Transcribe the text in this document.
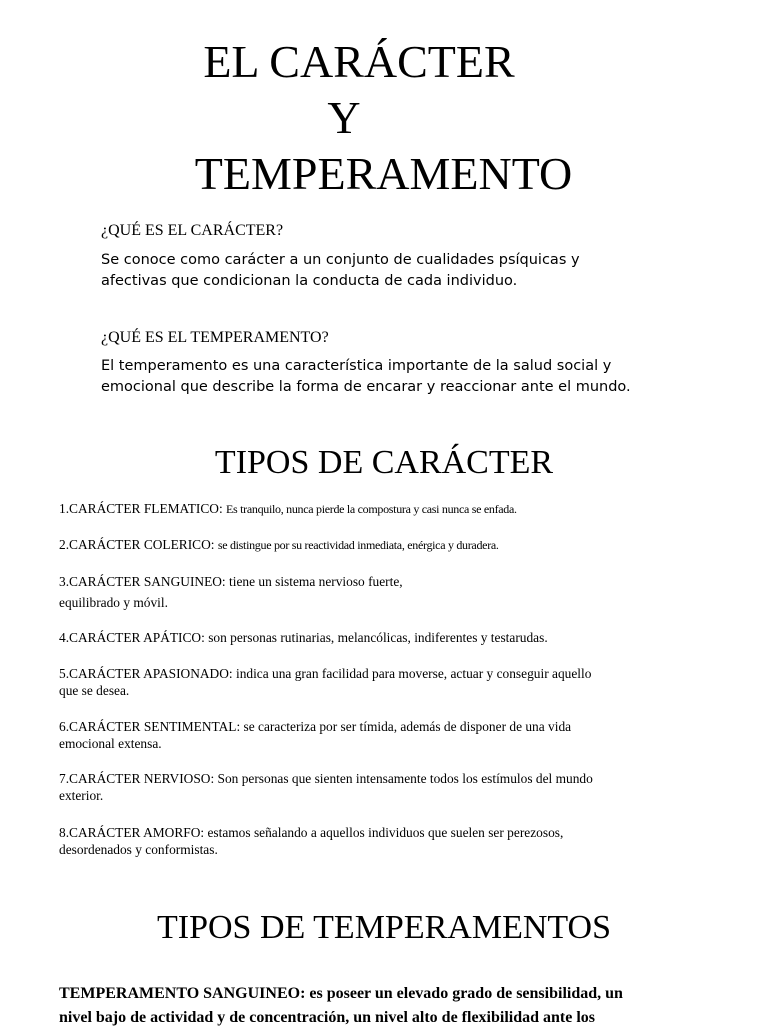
EL CARÁCTER
Y
TEMPERAMENTO
¿QUÉ ES EL CARÁCTER?
Se conoce como carácter a un conjunto de cualidades psíquicas y
afectivas que condicionan la conducta de cada individuo.
¿QUÉ ES EL TEMPERAMENTO?
El temperamento es una característica importante de la salud social y
emocional que describe la forma de encarar y reaccionar ante el mundo.
TIPOS DE CARÁCTER
1.CARÁCTER FLEMATICO: Es tranquilo, nunca pierde la compostura y casi nunca se enfada.
2.CARÁCTER COLERICO: se distingue por su reactividad inmediata, enérgica y duradera.
3.CARÁCTER SANGUINEO: tiene un sistema nervioso fuerte,
equilibrado y móvil.
4.CARÁCTER APÁTICO: son personas rutinarias, melancólicas, indiferentes y testarudas.
5.CARÁCTER APASIONADO: indica una gran facilidad para moverse, actuar y conseguir aquello
que se desea.
6.CARÁCTER SENTIMENTAL: se caracteriza por ser tímida, además de disponer de una vida
emocional extensa.
7.CARÁCTER NERVIOSO: Son personas que sienten intensamente todos los estímulos del mundo
exterior.
8.CARÁCTER AMORFO: estamos señalando a aquellos individuos que suelen ser perezosos,
desordenados y conformistas.
TIPOS DE TEMPERAMENTOS
TEMPERAMENTO SANGUINEO: es poseer un elevado grado de sensibilidad, un
nivel bajo de actividad y de concentración, un nivel alto de flexibilidad ante los
